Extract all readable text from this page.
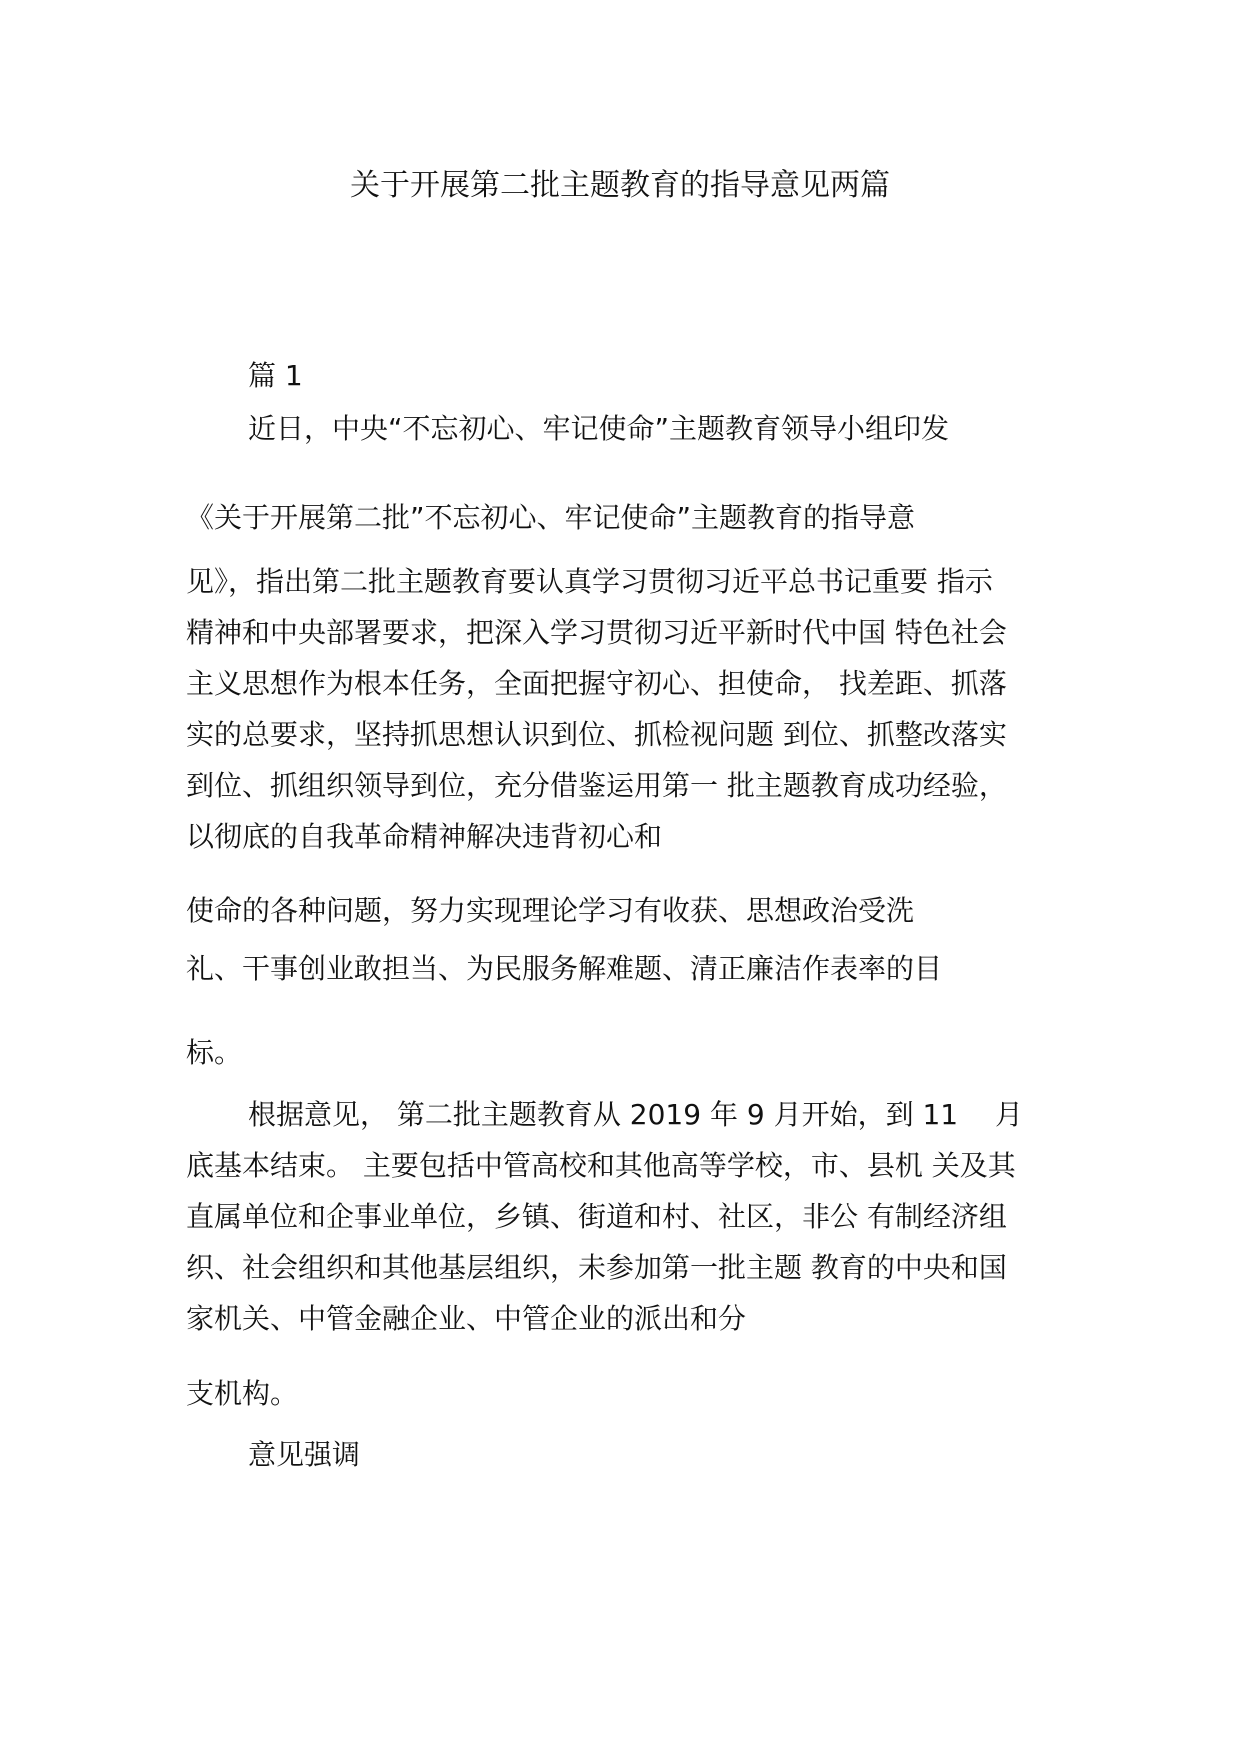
关于开展第二批主题教育的指导意见两篇
篇 1
近日，中央“不忘初心、牢记使命”主题教育领导小组印发
《关于开展第二批”不忘初心、牢记使命”主题教育的指导意
见》，指出第二批主题教育要认真学习贯彻习近平总书记重要 指示
精神和中央部署要求，把深入学习贯彻习近平新时代中国 特色社会
主义思想作为根本任务，全面把握守初心、担使命， 找差距、抓落
实的总要求，坚持抓思想认识到位、抓检视问题 到位、抓整改落实
到位、抓组织领导到位，充分借鉴运用第一 批主题教育成功经验，
以彻底的自我革命精神解决违背初心和
使命的各种问题，努力实现理论学习有收获、思想政治受洗
礼、干事创业敢担当、为民服务解难题、清正廉洁作表率的目
标。
根据意见， 第二批主题教育从 2019 年 9 月开始，到 11　 月
底基本结束。 主要包括中管高校和其他高等学校，市、县机 关及其
直属单位和企事业单位，乡镇、街道和村、社区，非公 有制经济组
织、社会组织和其他基层组织，未参加第一批主题 教育的中央和国
家机关、中管金融企业、中管企业的派出和分
支机构。
意见强调
